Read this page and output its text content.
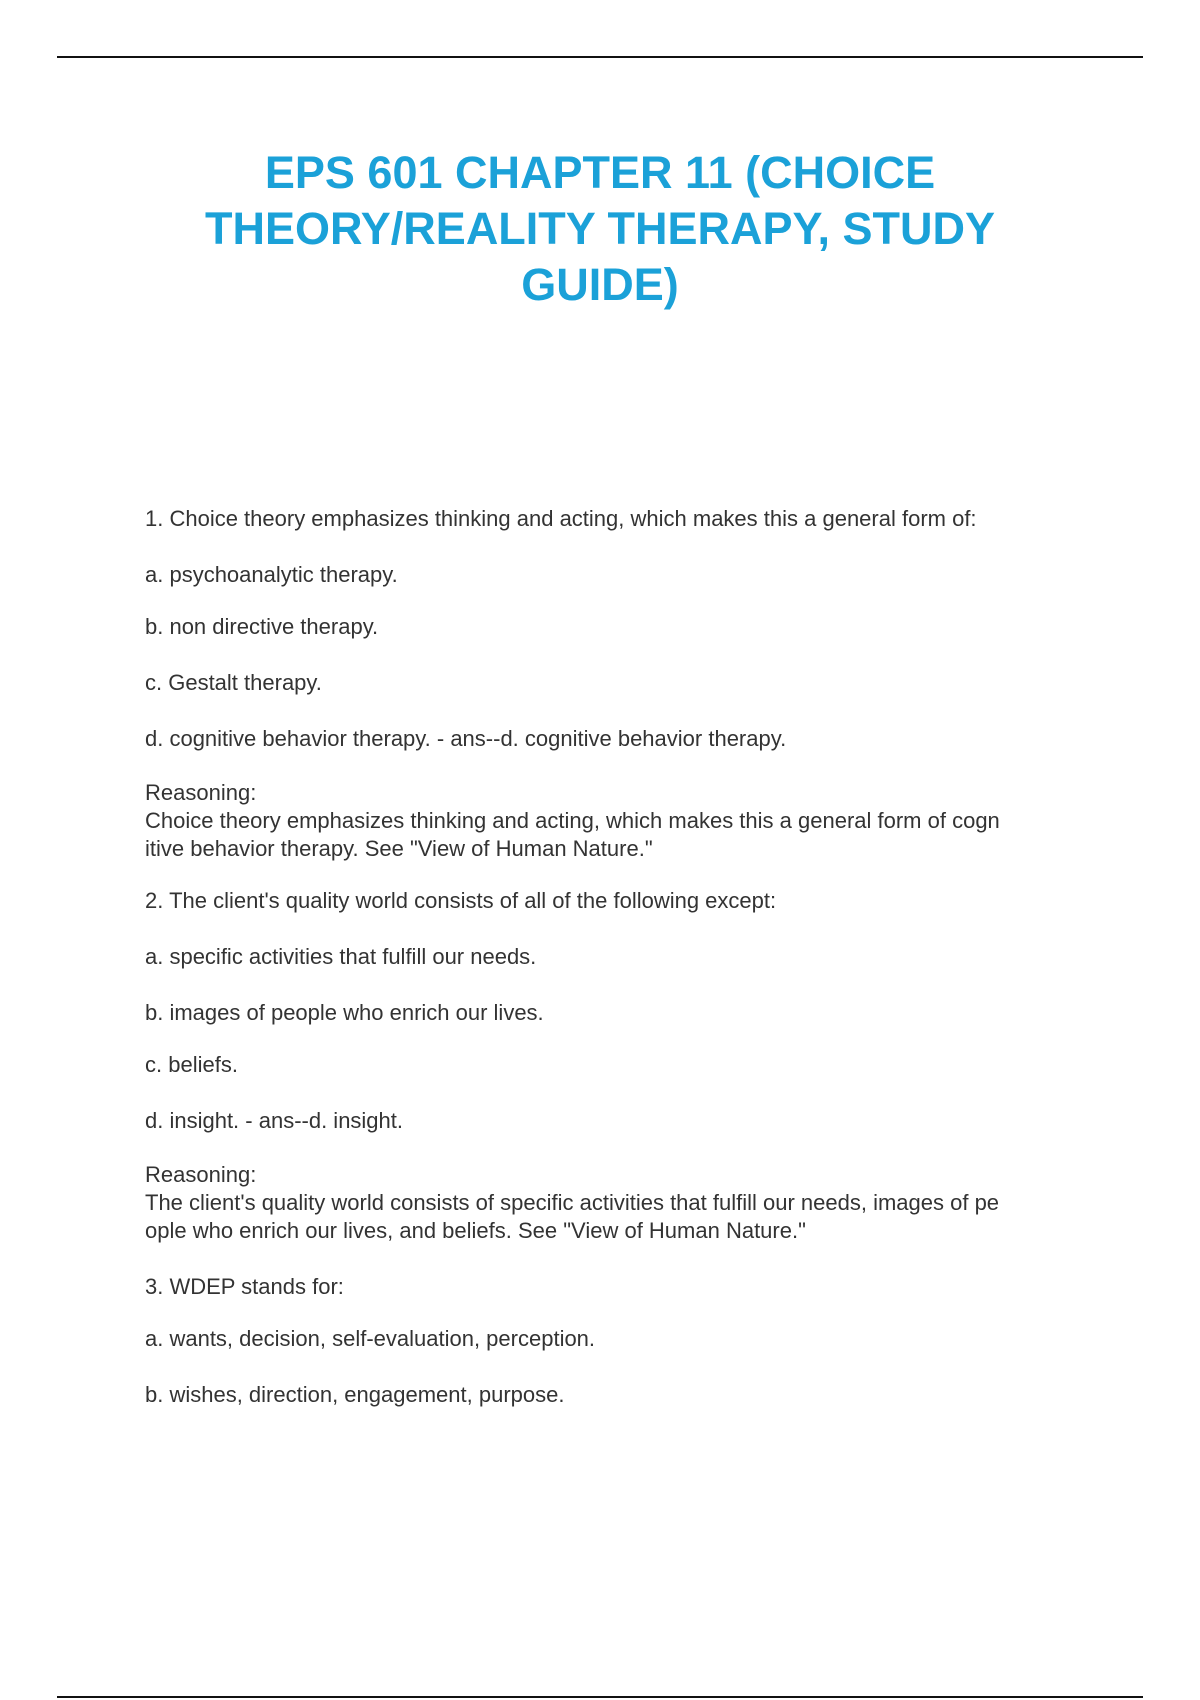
EPS 601 CHAPTER 11 (CHOICE THEORY/REALITY THERAPY, STUDY GUIDE)

1. Choice theory emphasizes thinking and acting, which makes this a general form of:

a. psychoanalytic therapy.

b. non directive therapy.

c. Gestalt therapy.

d. cognitive behavior therapy. - ans--d. cognitive behavior therapy.

Reasoning:

Choice theory emphasizes thinking and acting, which makes this a general form of cogn

itive behavior therapy. See "View of Human Nature."

2. The client's quality world consists of all of the following except:

a. specific activities that fulfill our needs.

b. images of people who enrich our lives.

c. beliefs.

d. insight. - ans--d. insight.

Reasoning:

The client's quality world consists of specific activities that fulfill our needs, images of pe

ople who enrich our lives, and beliefs. See "View of Human Nature."

3. WDEP stands for:

a. wants, decision, self-evaluation, perception.

b. wishes, direction, engagement, purpose.
